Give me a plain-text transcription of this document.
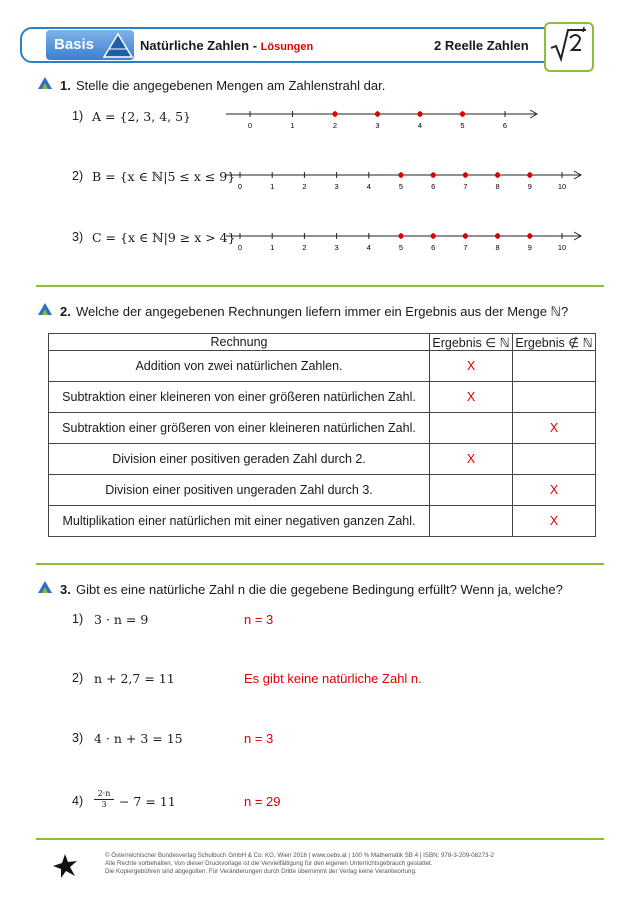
Basis	Natürliche Zahlen - Lösungen	2 Reelle Zahlen
1. Stelle die angegebenen Mengen am Zahlenstrahl dar.
1) A = {2, 3, 4, 5}
0	1	2	3	4	5	6
2) B = {x ∈ ℕ|5 ≤ x ≤ 9}
0	1	2	3	4	5	6	7	8	9	10
3) C = {x ∈ ℕ|9 ≥ x > 4}
0	1	2	3	4	5	6	7	8	9	10
2. Welche der angegebenen Rechnungen liefern immer ein Ergebnis aus der Menge ℕ?
Rechnung	Ergebnis ∈ ℕ	Ergebnis ∉ ℕ
Addition von zwei natürlichen Zahlen.	X	
Subtraktion einer kleineren von einer größeren natürlichen Zahl.	X	
Subtraktion einer größeren von einer kleineren natürlichen Zahl.		X
Division einer positiven geraden Zahl durch 2.	X	
Division einer positiven ungeraden Zahl durch 3.		X
Multiplikation einer natürlichen mit einer negativen ganzen Zahl.		X
3. Gibt es eine natürliche Zahl n die die gegebene Bedingung erfüllt? Wenn ja, welche?
1) 3 · n = 9	n = 3
2) n + 2,7 = 11	Es gibt keine natürliche Zahl n.
3) 4 · n + 3 = 15	n = 3
$4) \frac{2\cdot n}{3} - 7 = 11$	n = 29
© Österreichischer Bundesverlag Schulbuch GmbH & Co. KG, Wien 2016 | www.oebv.at | 100 % Mathematik SB 4 | ISBN: 978-3-209-08273-2
Alle Rechte vorbehalten. Von dieser Druckvorlage ist die Vervielfältigung für den eigenen Unterrichtsgebrauch gestattet.
Die Kopiergebühren sind abgegolten. Für Veränderungen durch Dritte übernimmt der Verlag keine Verantwortung.
